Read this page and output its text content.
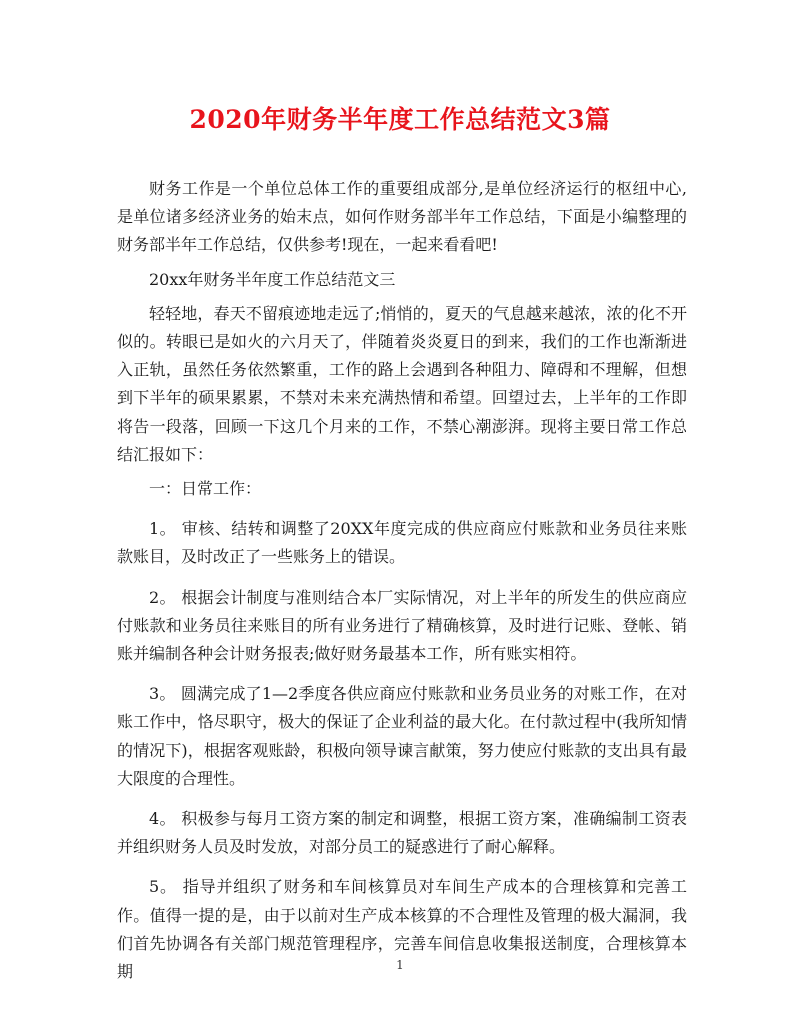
2020年财务半年度工作总结范文3篇

财务工作是一个单位总体工作的重要组成部分,是单位经济运行的枢纽中心,是单位诸多经济业务的始末点，如何作财务部半年工作总结，下面是小编整理的财务部半年工作总结，仅供参考!现在，一起来看看吧!

20xx年财务半年度工作总结范文三

轻轻地，春天不留痕迹地走远了;悄悄的，夏天的气息越来越浓，浓的化不开似的。转眼已是如火的六月天了，伴随着炎炎夏日的到来，我们的工作也渐渐进入正轨，虽然任务依然繁重，工作的路上会遇到各种阻力、障碍和不理解，但想到下半年的硕果累累，不禁对未来充满热情和希望。回望过去，上半年的工作即将告一段落，回顾一下这几个月来的工作，不禁心潮澎湃。现将主要日常工作总结汇报如下：

一：日常工作：

1。 审核、结转和调整了20XX年度完成的供应商应付账款和业务员往来账款账目，及时改正了一些账务上的错误。

2。 根据会计制度与准则结合本厂实际情况，对上半年的所发生的供应商应付账款和业务员往来账目的所有业务进行了精确核算，及时进行记账、登帐、销账并编制各种会计财务报表;做好财务最基本工作，所有账实相符。

3。 圆满完成了1—2季度各供应商应付账款和业务员业务的对账工作，在对账工作中，恪尽职守，极大的保证了企业利益的最大化。在付款过程中(我所知情的情况下)，根据客观账龄，积极向领导谏言献策，努力使应付账款的支出具有最大限度的合理性。

4。 积极参与每月工资方案的制定和调整，根据工资方案，准确编制工资表并组织财务人员及时发放，对部分员工的疑惑进行了耐心解释。

5。 指导并组织了财务和车间核算员对车间生产成本的合理核算和完善工作。值得一提的是，由于以前对生产成本核算的不合理性及管理的极大漏洞，我们首先协调各有关部门规范管理程序，完善车间信息收集报送制度，合理核算本期	1
